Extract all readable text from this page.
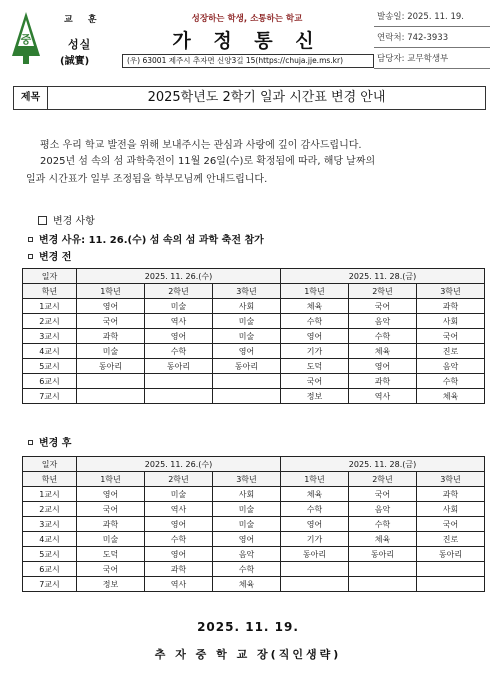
중
교 훈
성실
(誠實)
성장하는 학생, 소통하는 학교
가 정 통 신
(우) 63001 제주시 추자면 신양3길 15(https://chuja.jje.ms.kr)
발송일: 2025. 11. 19.
연락처: 742-3933
담당자: 교무학생부
제목	2025학년도 2학기 일과 시간표 변경 안내
평소 우리 학교 발전을 위해 보내주시는 관심과 사랑에 깊이 감사드립니다.
2025년 섬 속의 섬 과학축전이 11월 26일(수)로 확정됨에 따라, 해당 날짜의
일과 시간표가 일부 조정됨을 학부모님께 안내드립니다.
변경 사항
변경 사유: 11. 26.(수) 섬 속의 섬 과학 축전 참가
변경 전
일자	2025. 11. 26.(수)			2025. 11. 28.(금)		
학년	1학년	2학년	3학년	1학년	2학년	3학년
1교시	영어	미술	사회	체육	국어	과학
2교시	국어	역사	미술	수학	음악	사회
3교시	과학	영어	미술	영어	수학	국어
4교시	미술	수학	영어	기가	체육	진로
5교시	동아리	동아리	동아리	도덕	영어	음악
6교시				국어	과학	수학
7교시				정보	역사	체육
변경 후
일자	2025. 11. 26.(수)			2025. 11. 28.(금)		
학년	1학년	2학년	3학년	1학년	2학년	3학년
1교시	영어	미술	사회	체육	국어	과학
2교시	국어	역사	미술	수학	음악	사회
3교시	과학	영어	미술	영어	수학	국어
4교시	미술	수학	영어	기가	체육	진로
5교시	도덕	영어	음악	동아리	동아리	동아리
6교시	국어	과학	수학			
7교시	정보	역사	체육			
2025. 11. 19.
추 자 중 학 교 장(직인생략)
